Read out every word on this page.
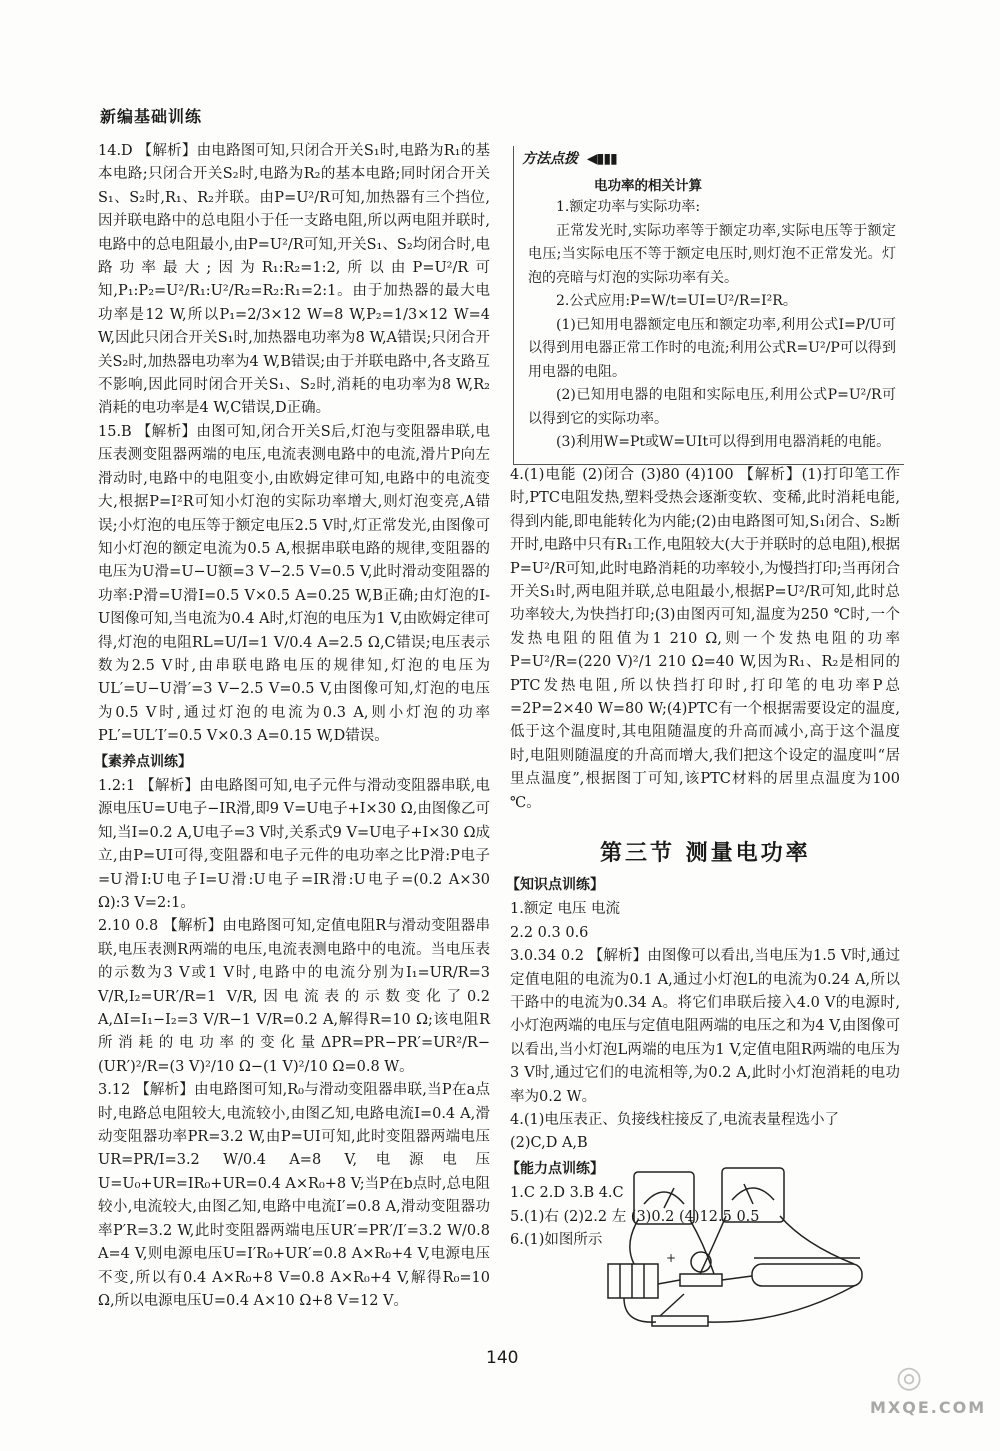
新编基础训练

14.D 【解析】由电路图可知,只闭合开关S₁时,电路为R₁的基本电路;只闭合开关S₂时,电路为R₂的基本电路;同时闭合开关S₁、S₂时,R₁、R₂并联。由P=U²/R可知,加热器有三个挡位,因并联电路中的总电阻小于任一支路电阻,所以两电阻并联时,电路中的总电阻最小,由P=U²/R可知,开关S₁、S₂均闭合时,电路功率最大;因为R₁:R₂=1:2,所以由P=U²/R可知,P₁:P₂=U²/R₁:U²/R₂=R₂:R₁=2:1。由于加热器的最大电功率是12 W,所以P₁=2/3×12 W=8 W,P₂=1/3×12 W=4 W,因此只闭合开关S₁时,加热器电功率为8 W,A错误;只闭合开关S₂时,加热器电功率为4 W,B错误;由于并联电路中,各支路互不影响,因此同时闭合开关S₁、S₂时,消耗的电功率为8 W,R₂消耗的电功率是4 W,C错误,D正确。

15.B 【解析】由图可知,闭合开关S后,灯泡与变阻器串联,电压表测变阻器两端的电压,电流表测电路中的电流,滑片P向左滑动时,电路中的电阻变小,由欧姆定律可知,电路中的电流变大,根据P=I²R可知小灯泡的实际功率增大,则灯泡变亮,A错误;小灯泡的电压等于额定电压2.5 V时,灯正常发光,由图像可知小灯泡的额定电流为0.5 A,根据串联电路的规律,变阻器的电压为U滑=U−U额=3 V−2.5 V=0.5 V,此时滑动变阻器的功率:P滑=U滑I=0.5 V×0.5 A=0.25 W,B正确;由灯泡的I-U图像可知,当电流为0.4 A时,灯泡的电压为1 V,由欧姆定律可得,灯泡的电阻RL=U/I=1 V/0.4 A=2.5 Ω,C错误;电压表示数为2.5 V时,由串联电路电压的规律知,灯泡的电压为UL′=U−U滑′=3 V−2.5 V=0.5 V,由图像可知,灯泡的电压为0.5 V时,通过灯泡的电流为0.3 A,则小灯泡的功率PL′=UL′I′=0.5 V×0.3 A=0.15 W,D错误。

【素养点训练】

1.2:1 【解析】由电路图可知,电子元件与滑动变阻器串联,电源电压U=U电子−IR滑,即9 V=U电子+I×30 Ω,由图像乙可知,当I=0.2 A,U电子=3 V时,关系式9 V=U电子+I×30 Ω成立,由P=UI可得,变阻器和电子元件的电功率之比P滑:P电子=U滑I:U电子I=U滑:U电子=IR滑:U电子=(0.2 A×30 Ω):3 V=2:1。

2.10 0.8 【解析】由电路图可知,定值电阻R与滑动变阻器串联,电压表测R两端的电压,电流表测电路中的电流。当电压表的示数为3 V或1 V时,电路中的电流分别为I₁=UR/R=3 V/R,I₂=UR′/R=1 V/R,因电流表的示数变化了0.2 A,ΔI=I₁−I₂=3 V/R−1 V/R=0.2 A,解得R=10 Ω;该电阻R所消耗的电功率的变化量ΔPR=PR−PR′=UR²/R−(UR′)²/R=(3 V)²/10 Ω−(1 V)²/10 Ω=0.8 W。

3.12 【解析】由电路图可知,R₀与滑动变阻器串联,当P在a点时,电路总电阻较大,电流较小,由图乙知,电路电流I=0.4 A,滑动变阻器功率PR=3.2 W,由P=UI可知,此时变阻器两端电压UR=PR/I=3.2 W/0.4 A=8 V,电源电压U=U₀+UR=IR₀+UR=0.4 A×R₀+8 V;当P在b点时,总电阻较小,电流较大,由图乙知,电路中电流I′=0.8 A,滑动变阻器功率P′R=3.2 W,此时变阻器两端电压UR′=PR′/I′=3.2 W/0.8 A=4 V,则电源电压U=I′R₀+UR′=0.8 A×R₀+4 V,电源电压不变,所以有0.4 A×R₀+8 V=0.8 A×R₀+4 V,解得R₀=10 Ω,所以电源电压U=0.4 A×10 Ω+8 V=12 V。

方法点拨 ◀▮▮▮
电功率的相关计算

1.额定功率与实际功率:

正常发光时,实际功率等于额定功率,实际电压等于额定电压;当实际电压不等于额定电压时,则灯泡不正常发光。灯泡的亮暗与灯泡的实际功率有关。

2.公式应用:P=W/t=UI=U²/R=I²R。

(1)已知用电器额定电压和额定功率,利用公式I=P/U可以得到用电器正常工作时的电流;利用公式R=U²/P可以得到用电器的电阻。

(2)已知用电器的电阻和实际电压,利用公式P=U²/R可以得到它的实际功率。

(3)利用W=Pt或W=UIt可以得到用电器消耗的电能。

4.(1)电能 (2)闭合 (3)80 (4)100 【解析】(1)打印笔工作时,PTC电阻发热,塑料受热会逐渐变软、变稀,此时消耗电能,得到内能,即电能转化为内能;(2)由电路图可知,S₁闭合、S₂断开时,电路中只有R₁工作,电阻较大(大于并联时的总电阻),根据P=U²/R可知,此时电路消耗的功率较小,为慢挡打印;当再闭合开关S₁时,两电阻并联,总电阻最小,根据P=U²/R可知,此时总功率较大,为快挡打印;(3)由图丙可知,温度为250 ℃时,一个发热电阻的阻值为1 210 Ω,则一个发热电阻的功率P=U²/R=(220 V)²/1 210 Ω=40 W,因为R₁、R₂是相同的PTC发热电阻,所以快挡打印时,打印笔的电功率P总=2P=2×40 W=80 W;(4)PTC有一个根据需要设定的温度,低于这个温度时,其电阻随温度的升高而减小,高于这个温度时,电阻则随温度的升高而增大,我们把这个设定的温度叫“居里点温度”,根据图丁可知,该PTC材料的居里点温度为100 ℃。

第三节 测量电功率
【知识点训练】

1.额定 电压 电流

2.2 0.3 0.6

3.0.34 0.2 【解析】由图像可以看出,当电压为1.5 V时,通过定值电阻的电流为0.1 A,通过小灯泡L的电流为0.24 A,所以干路中的电流为0.34 A。将它们串联后接入4.0 V的电源时,小灯泡两端的电压与定值电阻两端的电压之和为4 V,由图像可以看出,当小灯泡L两端的电压为1 V,定值电阻R两端的电压为3 V时,通过它们的电流相等,为0.2 A,此时小灯泡消耗的电功率为0.2 W。

4.(1)电压表正、负接线柱接反了,电流表量程选小了

(2)C,D A,B

【能力点训练】

1.C 2.D 3.B 4.C

5.(1)右 (2)2.2 左 (3)0.2 (4)12.5 0.5

6.(1)如图所示

+
140
◎
MXQE.COM
